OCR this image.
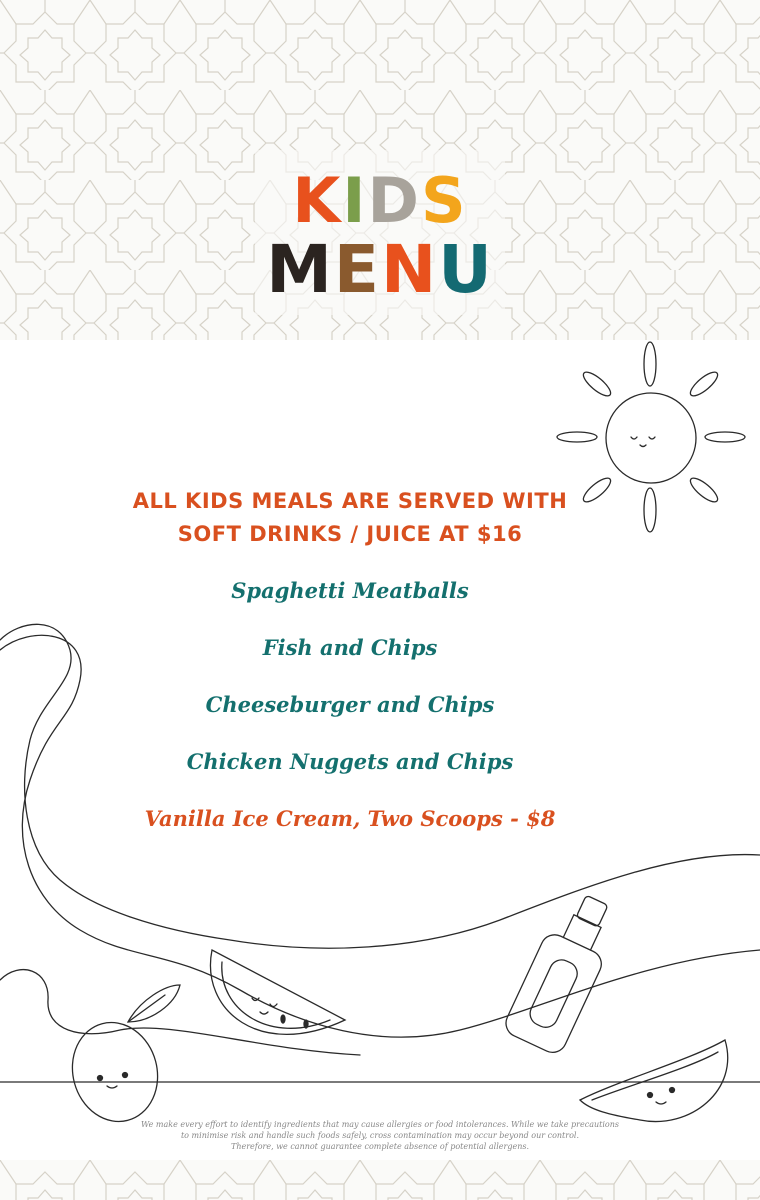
KIDS
MENU
ALL KIDS MEALS ARE SERVED WITH
SOFT DRINKS / JUICE AT $16
Spaghetti Meatballs
Fish and Chips
Cheeseburger and Chips
Chicken Nuggets and Chips
Vanilla Ice Cream, Two Scoops - $8
We make every effort to identify ingredients that may cause allergies or food intolerances. While we take precautions
to minimise risk and handle such foods safely, cross contamination may occur beyond our control.
Therefore, we cannot guarantee complete absence of potential allergens.
